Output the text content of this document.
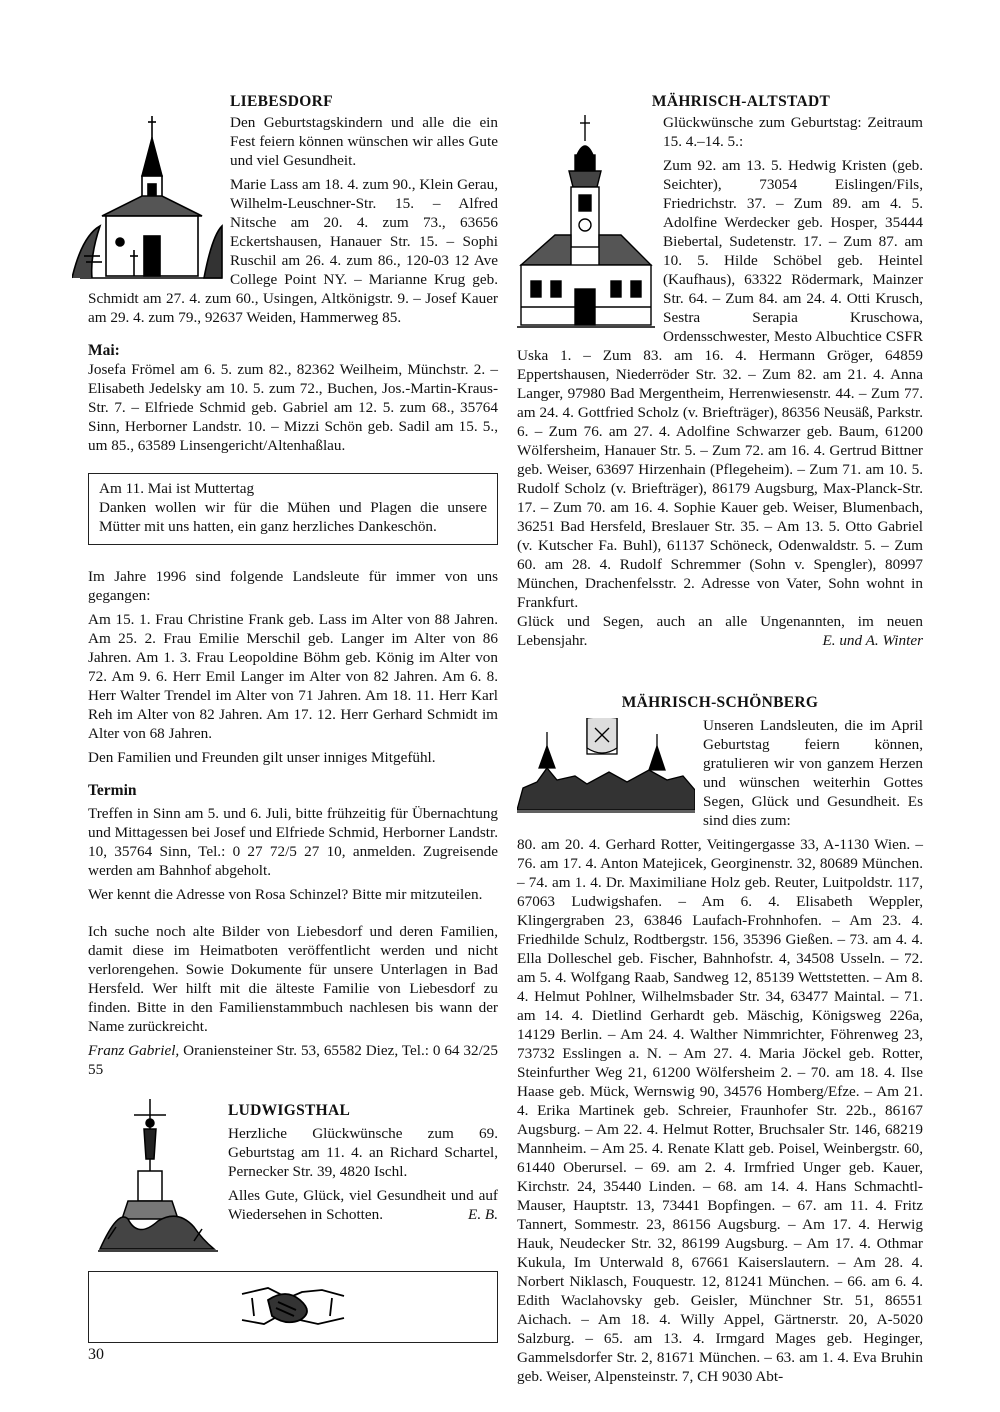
LIEBESDORF

Den Geburtstagskindern und alle die ein Fest feiern können wünschen wir alles Gute und viel Gesundheit.

Marie Lass am 18. 4. zum 90., Klein Gerau, Wilhelm-Leuschner-Str. 15. – Alfred Nitsche am 20. 4. zum 73., 63656 Eckertshausen, Hanauer Str. 15. – Sophi Ruschil am 26. 4. zum 86., 120-03 12 Ave College Point NY. – Marianne Krug geb. Schmidt am 27. 4. zum 60., Usingen, Altkönigstr. 9. – Josef Kauer am 29. 4. zum 79., 92637 Weiden, Hammerweg 85.

Mai:

Josefa Frömel am 6. 5. zum 82., 82362 Weilheim, Münchstr. 2. – Elisabeth Jedelsky am 10. 5. zum 72., Buchen, Jos.-Martin-Kraus-Str. 7. – Elfriede Schmid geb. Gabriel am 12. 5. zum 68., 35764 Sinn, Herborner Landstr. 10. – Mizzi Schön geb. Sadil am 15. 5., um 85., 63589 Linsengericht/Altenhaßlau.

Am 11. Mai ist Muttertag
Danken wollen wir für die Mühen und Plagen die unsere Mütter mit uns hatten, ein ganz herzliches Dankeschön.

Im Jahre 1996 sind folgende Landsleute für immer von uns gegangen:

Am 15. 1. Frau Christine Frank geb. Lass im Alter von 88 Jahren. Am 25. 2. Frau Emilie Merschil geb. Langer im Alter von 86 Jahren. Am 1. 3. Frau Leopoldine Böhm geb. König im Alter von 72. Am 9. 6. Herr Emil Langer im Alter von 82 Jahren. Am 6. 8. Herr Walter Trendel im Alter von 71 Jahren. Am 18. 11. Herr Karl Reh im Alter von 82 Jahren. Am 17. 12. Herr Gerhard Schmidt im Alter von 68 Jahren.

Den Familien und Freunden gilt unser inniges Mitgefühl.

Termin

Treffen in Sinn am 5. und 6. Juli, bitte frühzeitig für Übernachtung und Mittagessen bei Josef und Elfriede Schmid, Herborner Landstr. 10, 35764 Sinn, Tel.: 0 27 72/5 27 10, anmelden. Zugreisende werden am Bahnhof abgeholt.

Wer kennt die Adresse von Rosa Schinzel? Bitte mir mitzuteilen.

Ich suche noch alte Bilder von Liebesdorf und deren Familien, damit diese im Heimatboten veröffentlicht werden und nicht verlorengehen. Sowie Dokumente für unsere Unterlagen in Bad Hersfeld. Wer hilft mit die älteste Familie von Liebesdorf zu finden. Bitte in den Familienstammbuch nachlesen bis wann der Name zurückreicht.

Franz Gabriel, Oraniensteiner Str. 53, 65582 Diez, Tel.: 0 64 32/25 55

LUDWIGSTHAL

Herzliche Glückwünsche zum 69. Geburtstag am 11. 4. an Richard Schartel, Pernecker Str. 39, 4820 Ischl.

Alles Gute, Glück, viel Gesundheit und auf Wiedersehen in Schotten.	E. B.

MÄHRISCH-ALTSTADT

Glückwünsche zum Geburtstag: Zeitraum 15. 4.–14. 5.:

Zum 92. am 13. 5. Hedwig Kristen (geb. Seichter), 73054 Eislingen/Fils, Friedrichstr. 37. – Zum 89. am 4. 5. Adolfine Werdecker geb. Hosper, 35444 Biebertal, Sudetenstr. 17. – Zum 87. am 10. 5. Hilde Schöbel geb. Heintel (Kaufhaus), 63322 Rödermark, Mainzer Str. 64. – Zum 84. am 24. 4. Otti Krusch, Sestra Serapia Kruschowa, Ordensschwester, Mesto Albuchtice CSFR Uska 1. – Zum 83. am 16. 4. Hermann Gröger, 64859 Eppertshausen, Niederröder Str. 32. – Zum 82. am 21. 4. Anna Langer, 97980 Bad Mergentheim, Herrenwiesenstr. 44. – Zum 77. am 24. 4. Gottfried Scholz (v. Briefträger), 86356 Neusäß, Parkstr. 6. – Zum 76. am 27. 4. Adolfine Schwarzer geb. Baum, 61200 Wölfersheim, Hanauer Str. 5. – Zum 72. am 16. 4. Gertrud Bittner geb. Weiser, 63697 Hirzenhain (Pflegeheim). – Zum 71. am 10. 5. Rudolf Scholz (v. Briefträger), 86179 Augsburg, Max-Planck-Str. 17. – Zum 70. am 16. 4. Sophie Kauer geb. Weiser, Blumenbach, 36251 Bad Hersfeld, Breslauer Str. 35. – Am 13. 5. Otto Gabriel (v. Kutscher Fa. Buhl), 61137 Schöneck, Odenwaldstr. 5. – Zum 60. am 28. 4. Rudolf Schremmer (Sohn v. Spengler), 80997 München, Drachenfelsstr. 2. Adresse von Vater, Sohn wohnt in Frankfurt.

Glück und Segen, auch an alle Ungenannten, im neuen Lebensjahr.	E. und A. Winter

MÄHRISCH-SCHÖNBERG

Unseren Landsleuten, die im April Geburtstag feiern können, gratulieren wir von ganzem Herzen und wünschen weiterhin Gottes Segen, Glück und Gesundheit. Es sind dies zum:

80. am 20. 4. Gerhard Rotter, Veitingergasse 33, A-1130 Wien. – 76. am 17. 4. Anton Matejicek, Georginenstr. 32, 80689 München. – 74. am 1. 4. Dr. Maximiliane Holz geb. Reuter, Luitpoldstr. 117, 67063 Ludwigshafen. – Am 6. 4. Elisabeth Weppler, Klingergraben 23, 63846 Laufach-Frohnhofen. – Am 23. 4. Friedhilde Schulz, Rodtbergstr. 156, 35396 Gießen. – 73. am 4. 4. Ella Dolleschel geb. Fischer, Bahnhofstr. 4, 34508 Usseln. – 72. am 5. 4. Wolfgang Raab, Sandweg 12, 85139 Wettstetten. – Am 8. 4. Helmut Pohlner, Wilhelmsbader Str. 34, 63477 Maintal. – 71. am 14. 4. Dietlind Gerhardt geb. Mäschig, Königsweg 226a, 14129 Berlin. – Am 24. 4. Walther Nimmrichter, Föhrenweg 23, 73732 Esslingen a. N. – Am 27. 4. Maria Jöckel geb. Rotter, Steinfurther Weg 21, 61200 Wölfersheim 2. – 70. am 18. 4. Ilse Haase geb. Mück, Wernswig 90, 34576 Homberg/Efze. – Am 21. 4. Erika Martinek geb. Schreier, Fraunhofer Str. 22b., 86167 Augsburg. – Am 22. 4. Helmut Rotter, Bruchsaler Str. 146, 68219 Mannheim. – Am 25. 4. Renate Klatt geb. Poisel, Weinbergstr. 60, 61440 Oberursel. – 69. am 2. 4. Irmfried Unger geb. Kauer, Kirchstr. 24, 35440 Linden. – 68. am 14. 4. Hans Schmachtl-Mauser, Hauptstr. 13, 73441 Bopfingen. – 67. am 11. 4. Fritz Tannert, Sommestr. 23, 86156 Augsburg. – Am 17. 4. Herwig Hauk, Neudecker Str. 32, 86199 Augsburg. – Am 17. 4. Othmar Kukula, Im Unterwald 8, 67661 Kaiserslautern. – Am 28. 4. Norbert Niklasch, Fouquestr. 12, 81241 München. – 66. am 6. 4. Edith Waclahovsky geb. Geisler, Münchner Str. 51, 86551 Aichach. – Am 18. 4. Willy Appel, Gärtnerstr. 20, A-5020 Salzburg. – 65. am 13. 4. Irmgard Mages geb. Heginger, Gammelsdorfer Str. 2, 81671 München. – 63. am 1. 4. Eva Bruhin geb. Weiser, Alpensteinstr. 7, CH 9030 Abt-

30
